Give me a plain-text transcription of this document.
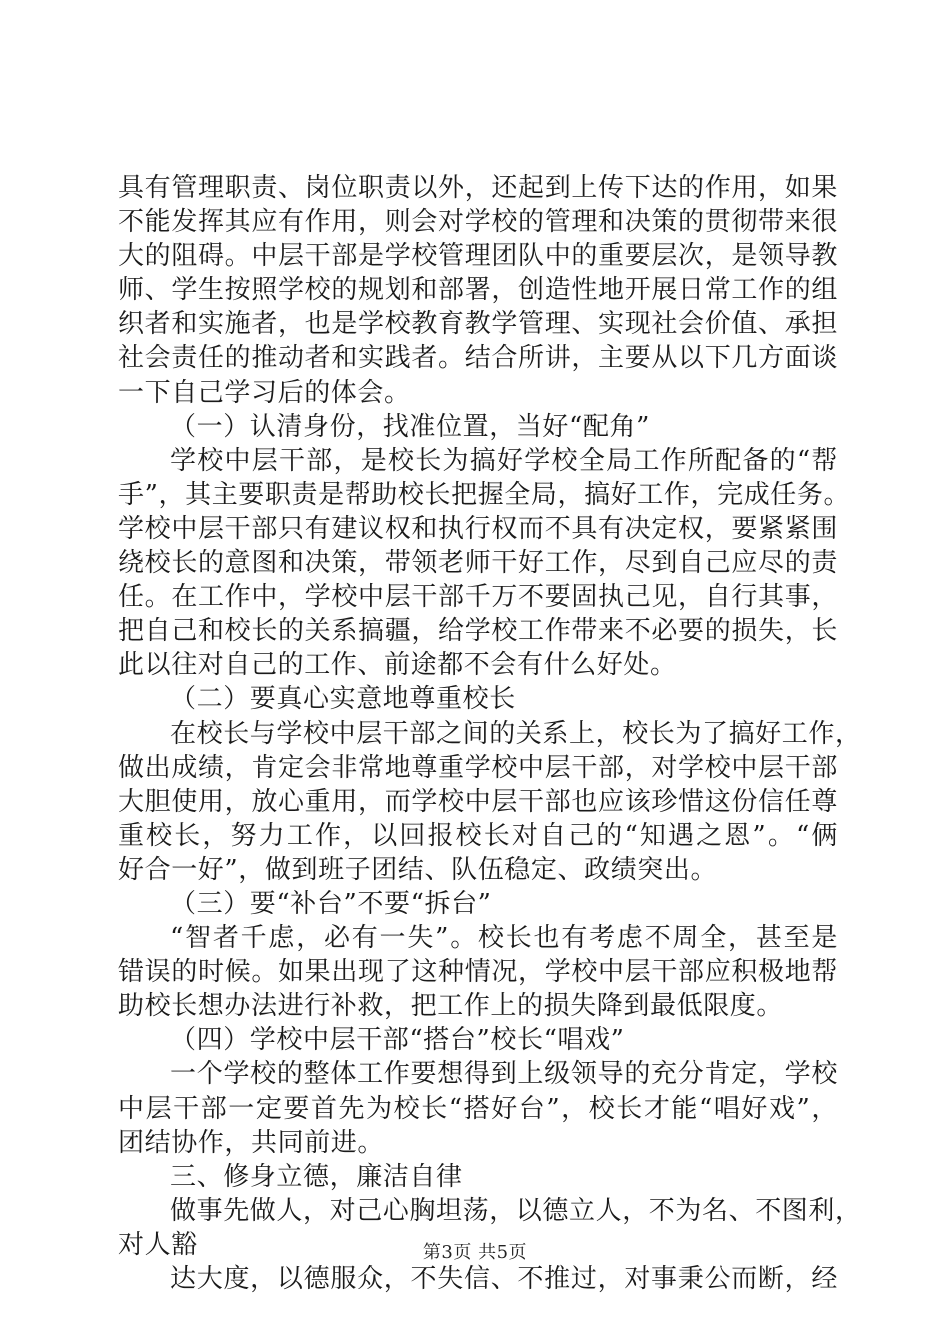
具有管理职责、岗位职责以外，还起到上传下达的作用，如果
不能发挥其应有作用，则会对学校的管理和决策的贯彻带来很
大的阻碍。中层干部是学校管理团队中的重要层次，是领导教
师、学生按照学校的规划和部署，创造性地开展日常工作的组
织者和实施者，也是学校教育教学管理、实现社会价值、承担
社会责任的推动者和实践者。结合所讲，主要从以下几方面谈
一下自己学习后的体会。
（一）认清身份，找准位置，当好“配角”
学校中层干部，是校长为搞好学校全局工作所配备的“帮
手”，其主要职责是帮助校长把握全局，搞好工作，完成任务。
学校中层干部只有建议权和执行权而不具有决定权，要紧紧围
绕校长的意图和决策，带领老师干好工作，尽到自己应尽的责
任。在工作中，学校中层干部千万不要固执己见，自行其事，
把自己和校长的关系搞疆，给学校工作带来不必要的损失，长
此以往对自己的工作、前途都不会有什么好处。
（二）要真心实意地尊重校长
在校长与学校中层干部之间的关系上，校长为了搞好工作，
做出成绩，肯定会非常地尊重学校中层干部，对学校中层干部
大胆使用，放心重用，而学校中层干部也应该珍惜这份信任尊
重校长，努力工作，以回报校长对自己的“知遇之恩”。“俩
好合一好”，做到班子团结、队伍稳定、政绩突出。
（三）要“补台”不要“拆台”
“智者千虑，必有一失”。校长也有考虑不周全，甚至是
错误的时候。如果出现了这种情况，学校中层干部应积极地帮
助校长想办法进行补救，把工作上的损失降到最低限度。
（四）学校中层干部“搭台”校长“唱戏”
一个学校的整体工作要想得到上级领导的充分肯定，学校
中层干部一定要首先为校长“搭好台”，校长才能“唱好戏”，
团结协作，共同前进。
三、修身立德，廉洁自律
做事先做人，对己心胸坦荡，以德立人，不为名、不图利，
对人豁
达大度，以德服众，不失信、不推过，对事秉公而断，经
第3页 共5页
